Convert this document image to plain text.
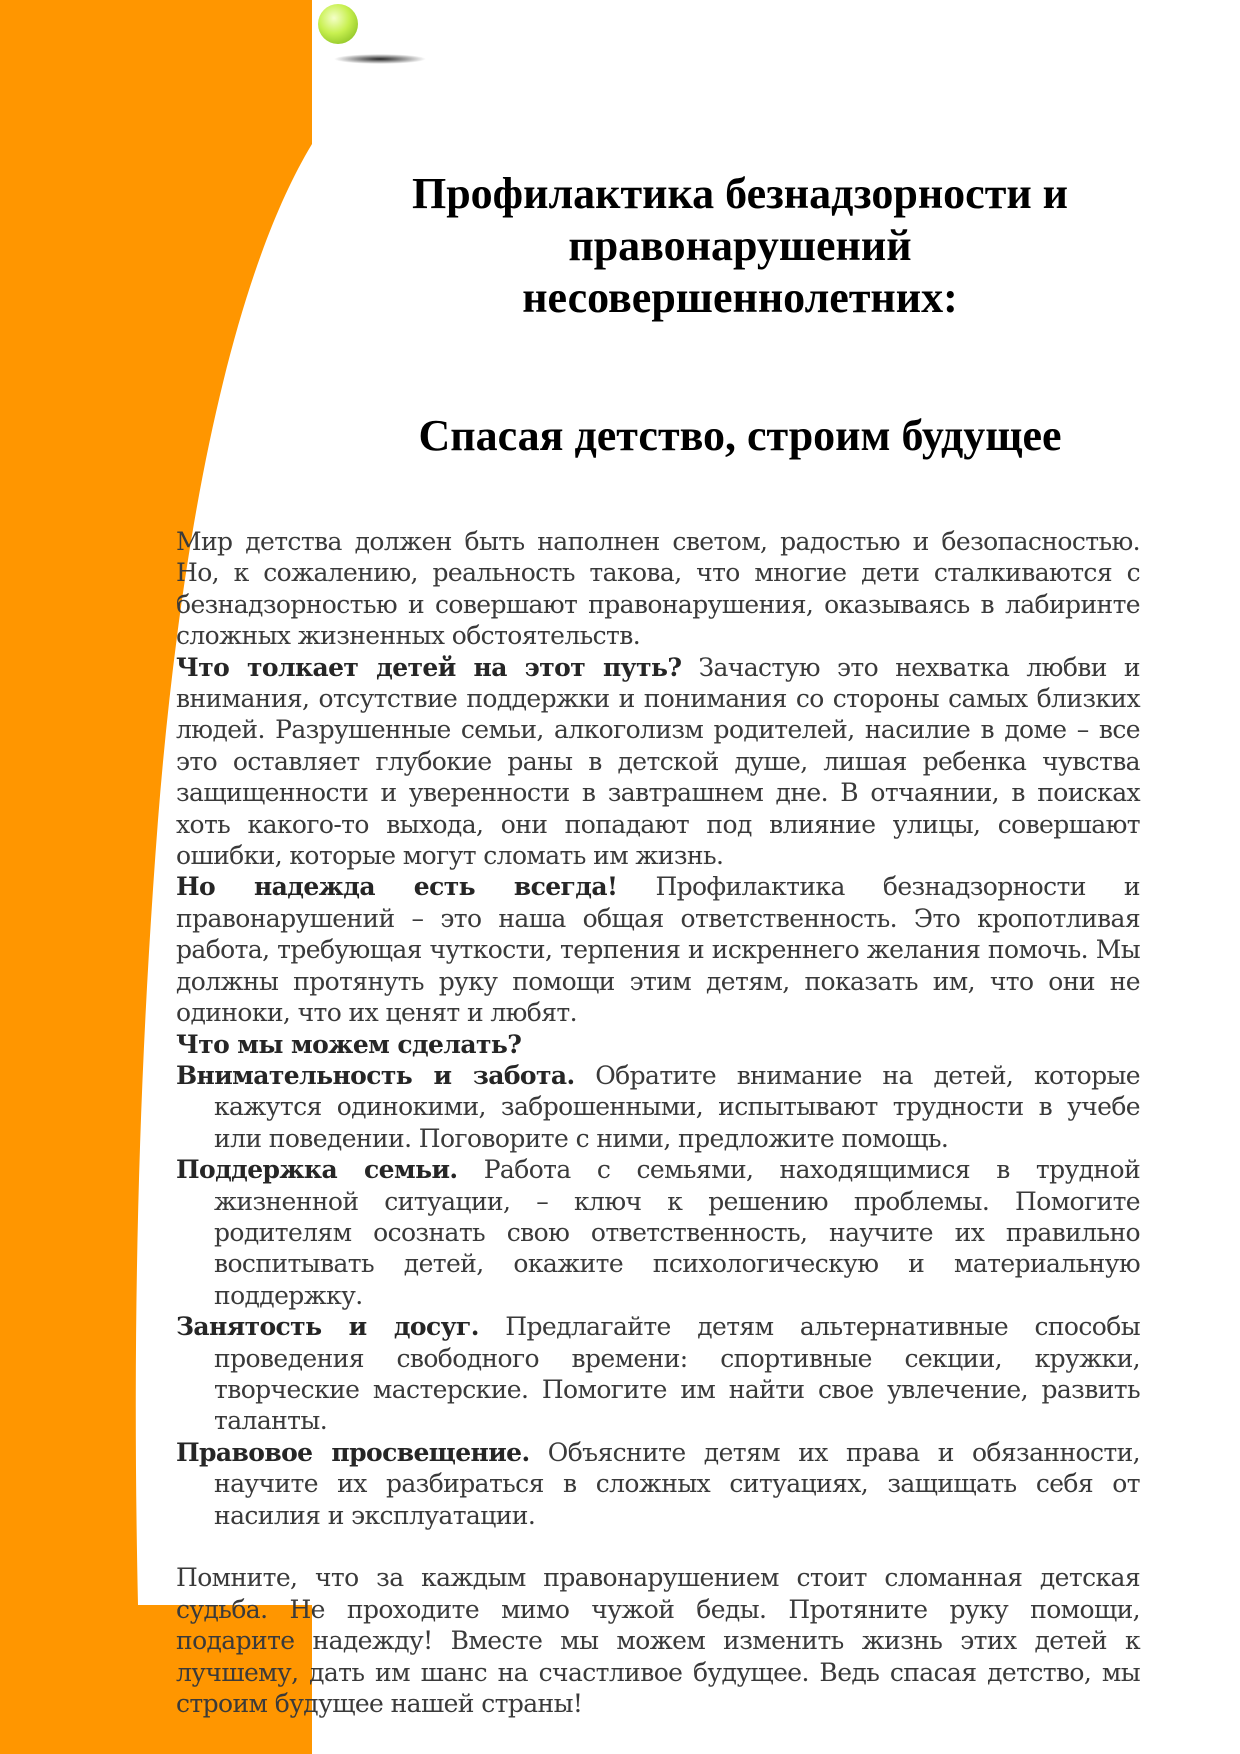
Профилактика безнадзорности и
правонарушений
несовершеннолетних:
Спасая детство, строим будущее

Мир детства должен быть наполнен светом, радостью и безопасностью. Но, к сожалению, реальность такова, что многие дети сталкиваются с безнадзорностью и совершают правонарушения, оказываясь в лабиринте сложных жизненных обстоятельств.

Что толкает детей на этот путь? Зачастую это нехватка любви и внимания, отсутствие поддержки и понимания со стороны самых близких людей. Разрушенные семьи, алкоголизм родителей, насилие в доме – все это оставляет глубокие раны в детской душе, лишая ребенка чувства защищенности и уверенности в завтрашнем дне. В отчаянии, в поисках хоть какого-то выхода, они попадают под влияние улицы, совершают ошибки, которые могут сломать им жизнь.

Но надежда есть всегда! Профилактика безнадзорности и правонарушений – это наша общая ответственность. Это кропотливая работа, требующая чуткости, терпения и искреннего желания помочь. Мы должны протянуть руку помощи этим детям, показать им, что они не одиноки, что их ценят и любят.

Что мы можем сделать?

Внимательность и забота. Обратите внимание на детей, которые кажутся одинокими, заброшенными, испытывают трудности в учебе или поведении. Поговорите с ними, предложите помощь.

Поддержка семьи. Работа с семьями, находящимися в трудной жизненной ситуации, – ключ к решению проблемы. Помогите родителям осознать свою ответственность, научите их правильно воспитывать детей, окажите психологическую и материальную поддержку.

Занятость и досуг. Предлагайте детям альтернативные способы проведения свободного времени: спортивные секции, кружки, творческие мастерские. Помогите им найти свое увлечение, развить таланты.

Правовое просвещение. Объясните детям их права и обязанности, научите их разбираться в сложных ситуациях, защищать себя от насилия и эксплуатации.

Помните, что за каждым правонарушением стоит сломанная детская судьба. Не проходите мимо чужой беды. Протяните руку помощи, подарите надежду! Вместе мы можем изменить жизнь этих детей к лучшему, дать им шанс на счастливое будущее. Ведь спасая детство, мы строим будущее нашей страны!
